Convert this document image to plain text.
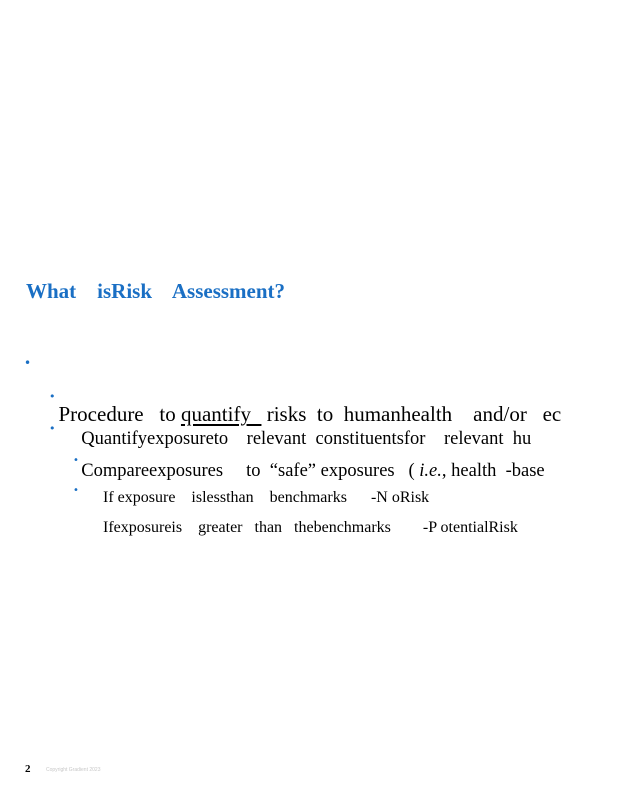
What    isRisk    Assessment?

•

Procedure   to quantify   risks  to  humanhealth    and/or   ec

•

Quantifyexposureto    relevant  constituentsfor    relevant  hu

•

Compareexposures     to  “safe” exposures   ( i.e., health  -base

•

If exposure    islessthan    benchmarks      -N oRisk

•

Ifexposureis    greater   than   thebenchmarks        -P otentialRisk

2	Copyright Gradient 2023
